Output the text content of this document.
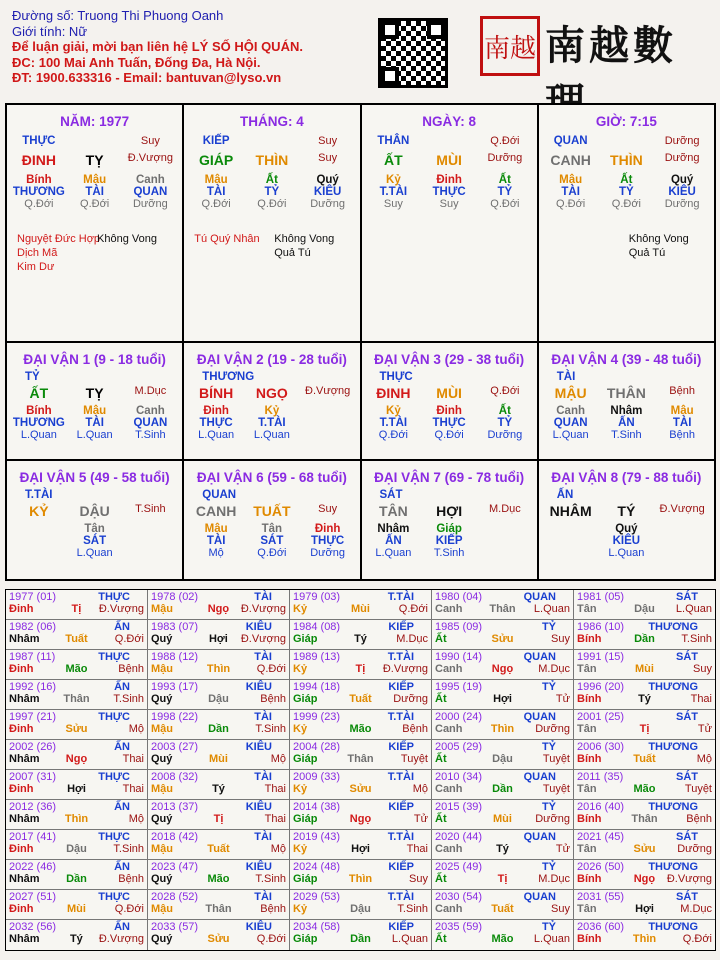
Đường số: Truong Thi Phuong Oanh
Giới tính: Nữ
Để luận giải, mời bạn liên hệ LÝ SỐ HỘI QUÁN.
ĐC: 100 Mai Anh Tuấn, Đống Đa, Hà Nội.
ĐT: 1900.633316 - Email: bantuvan@lyso.vn
南越 南越數
NĂM: 1977
THỰC	Suy
ĐINH	TỴ	Đ.Vượng
Bính	Mậu	Canh
THƯƠNG	TÀI	QUAN
Q.Đới	Q.Đới	Dưỡng
Nguyệt Đức Hợp
Dịch Mã
Kim Dư
Không Vong
THÁNG: 4
KIẾP	Suy
GIÁP	THÌN	Suy
Mậu	Ất	Quý
TÀI	TỶ	KIÊU
Q.Đới	Q.Đới	Dưỡng
Tú Quý Nhân Không Vong
Quả Tú
NGÀY: 8
THÂN	Q.Đới
ẤT	MÙI	Dưỡng
Kỷ	Đinh	Ất
T.TÀI	THỰC	TỶ
Suy	Suy	Q.Đới
GIỜ: 7:15
QUAN	Dưỡng
CANH	THÌN	Dưỡng
Mậu	Ất	Quý
TÀI	TỶ	KIÊU
Q.Đới	Q.Đới	Dưỡng
Không Vong
Quả Tú
ĐẠI VẬN 1 (9 - 18 tuổi)
TỶ
ẤT	TỴ	M.Dục
Bính	Mậu	Canh
THƯƠNG	TÀI	QUAN
L.Quan	L.Quan	T.Sinh
ĐẠI VẬN 2 (19 - 28 tuổi)
THƯƠNG
BÍNH	NGỌ	Đ.Vượng
Đinh	Kỷ
THỰC	T.TÀI
L.Quan	L.Quan
ĐẠI VẬN 3 (29 - 38 tuổi)
THỰC
ĐINH	MÙI	Q.Đới
Kỷ	Đinh	Ất
T.TÀI	THỰC	TỶ
Q.Đới	Q.Đới	Dưỡng
ĐẠI VẬN 4 (39 - 48 tuổi)
TÀI
MẬU	THÂN	Bệnh
Canh	Nhâm	Mậu
QUAN	ẤN	TÀI
L.Quan	T.Sinh	Bệnh
ĐẠI VẬN 5 (49 - 58 tuổi)
T.TÀI
KỶ	DẬU	T.Sinh
Tân
SÁT
L.Quan
ĐẠI VẬN 6 (59 - 68 tuổi)
QUAN
CANH	TUẤT	Suy
Mậu	Tân	Đinh
TÀI	SÁT	THỰC
Mộ	Q.Đới	Dưỡng
ĐẠI VẬN 7 (69 - 78 tuổi)
SÁT
TÂN	HỢI	M.Dục
Nhâm	Giáp
ẤN	KIẾP
L.Quan	T.Sinh
ĐẠI VẬN 8 (79 - 88 tuổi)
ẤN
NHÂM	TÝ	Đ.Vượng
Quý
KIÊU
L.Quan
1977 (01)	THỰC
Đinh	Tị	Đ.Vượng
1978 (02)	TÀI
Mậu	Ngọ	Đ.Vượng
1979 (03)	T.TÀI
Kỷ	Mùi	Q.Đới
1980 (04)	QUAN
Canh	Thân	L.Quan
1981 (05)	SÁT
Tân	Dậu	L.Quan
1982 (06)	ẤN
Nhâm	Tuất	Q.Đới
1983 (07)	KIÊU
Quý	Hợi	Đ.Vượng
1984 (08)	KIẾP
Giáp	Tý	M.Dục
1985 (09)	TỶ
Ất	Sửu	Suy
1986 (10) THƯƠNG
Bính	Dần	T.Sinh
1987 (11)	THỰC
Đinh	Mão	Bệnh
1988 (12)	TÀI
Mậu	Thìn	Q.Đới
1989 (13)	T.TÀI
Kỷ	Tị	Đ.Vượng
1990 (14)	QUAN
Canh	Ngọ	M.Dục
1991 (15)	SÁT
Tân	Mùi	Suy
1992 (16)	ẤN
Nhâm	Thân	T.Sinh
1993 (17)	KIÊU
Quý	Dậu	Bệnh
1994 (18)	KIẾP
Giáp	Tuất	Dưỡng
1995 (19)	TỶ
Ất	Hợi	Tử
1996 (20) THƯƠNG
Bính	Tý	Thai
1997 (21)	THỰC
Đinh	Sửu	Mộ
1998 (22)	TÀI
Mậu	Dần	T.Sinh
1999 (23)	T.TÀI
Kỷ	Mão	Bệnh
2000 (24)	QUAN
Canh	Thìn	Dưỡng
2001 (25)	SÁT
Tân	Tị	Tử
2002 (26)	ẤN
Nhâm	Ngọ	Thai
2003 (27)	KIÊU
Quý	Mùi	Mộ
2004 (28)	KIẾP
Giáp	Thân	Tuyệt
2005 (29)	TỶ
Ất	Dậu	Tuyệt
2006 (30) THƯƠNG
Bính	Tuất	Mộ
2007 (31)	THỰC
Đinh	Hợi	Thai
2008 (32)	TÀI
Mậu	Tý	Thai
2009 (33)	T.TÀI
Kỷ	Sửu	Mộ
2010 (34)	QUAN
Canh	Dần	Tuyệt
2011 (35)	SÁT
Tân	Mão	Tuyệt
2012 (36)	ẤN
Nhâm	Thìn	Mộ
2013 (37)	KIÊU
Quý	Tị	Thai
2014 (38)	KIẾP
Giáp	Ngọ	Tử
2015 (39)	TỶ
Ất	Mùi	Dưỡng
2016 (40) THƯƠNG
Bính	Thân	Bệnh
2017 (41)	THỰC
Đinh	Dậu	T.Sinh
2018 (42)	TÀI
Mậu	Tuất	Mộ
2019 (43)	T.TÀI
Kỷ	Hợi	Thai
2020 (44)	QUAN
Canh	Tý	Tử
2021 (45)	SÁT
Tân	Sửu	Dưỡng
2022 (46)	ẤN
Nhâm	Dần	Bệnh
2023 (47)	KIÊU
Quý	Mão	T.Sinh
2024 (48)	KIẾP
Giáp	Thìn	Suy
2025 (49)	TỶ
Ất	Tị	M.Dục
2026 (50) THƯƠNG
Bính	Ngọ	Đ.Vượng
2027 (51)	THỰC
Đinh	Mùi	Q.Đới
2028 (52)	TÀI
Mậu	Thân	Bệnh
2029 (53)	T.TÀI
Kỷ	Dậu	T.Sinh
2030 (54)	QUAN
Canh	Tuất	Suy
2031 (55)	SÁT
Tân	Hợi	M.Dục
2032 (56)	ẤN
Nhâm	Tý	Đ.Vượng
2033 (57)	KIÊU
Quý	Sửu	Q.Đới
2034 (58)	KIẾP
Giáp	Dần	L.Quan
2035 (59)	TỶ
Ất	Mão	L.Quan
2036 (60) THƯƠNG
Bính	Thìn	Q.Đới
